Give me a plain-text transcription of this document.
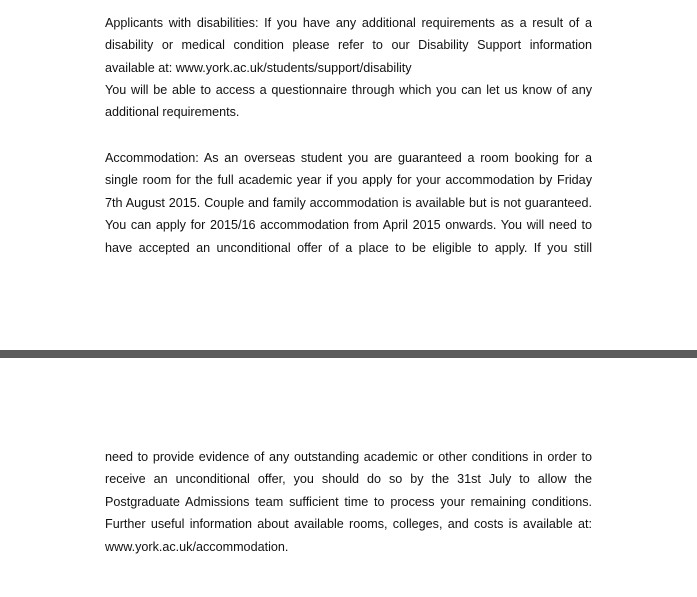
Applicants with disabilities: If you have any additional requirements as a result of a
disability or medical condition please refer to our Disability Support information
available at: www.york.ac.uk/students/support/disability
You will be able to access a questionnaire through which you can let us know of any
additional requirements.
Accommodation: As an overseas student you are guaranteed a room booking for a
single room for the full academic year if you apply for your accommodation by Friday
7th August 2015. Couple and family accommodation is available but is not guaranteed.
You can apply for 2015/16 accommodation from April 2015 onwards. You will need to
have accepted an unconditional offer of a place to be eligible to apply. If you still
need to provide evidence of any outstanding academic or other conditions in order to
receive an unconditional offer, you should do so by the 31st July to allow the
Postgraduate Admissions team sufficient time to process your remaining conditions.
Further useful information about available rooms, colleges, and costs is available at:
www.york.ac.uk/accommodation.
